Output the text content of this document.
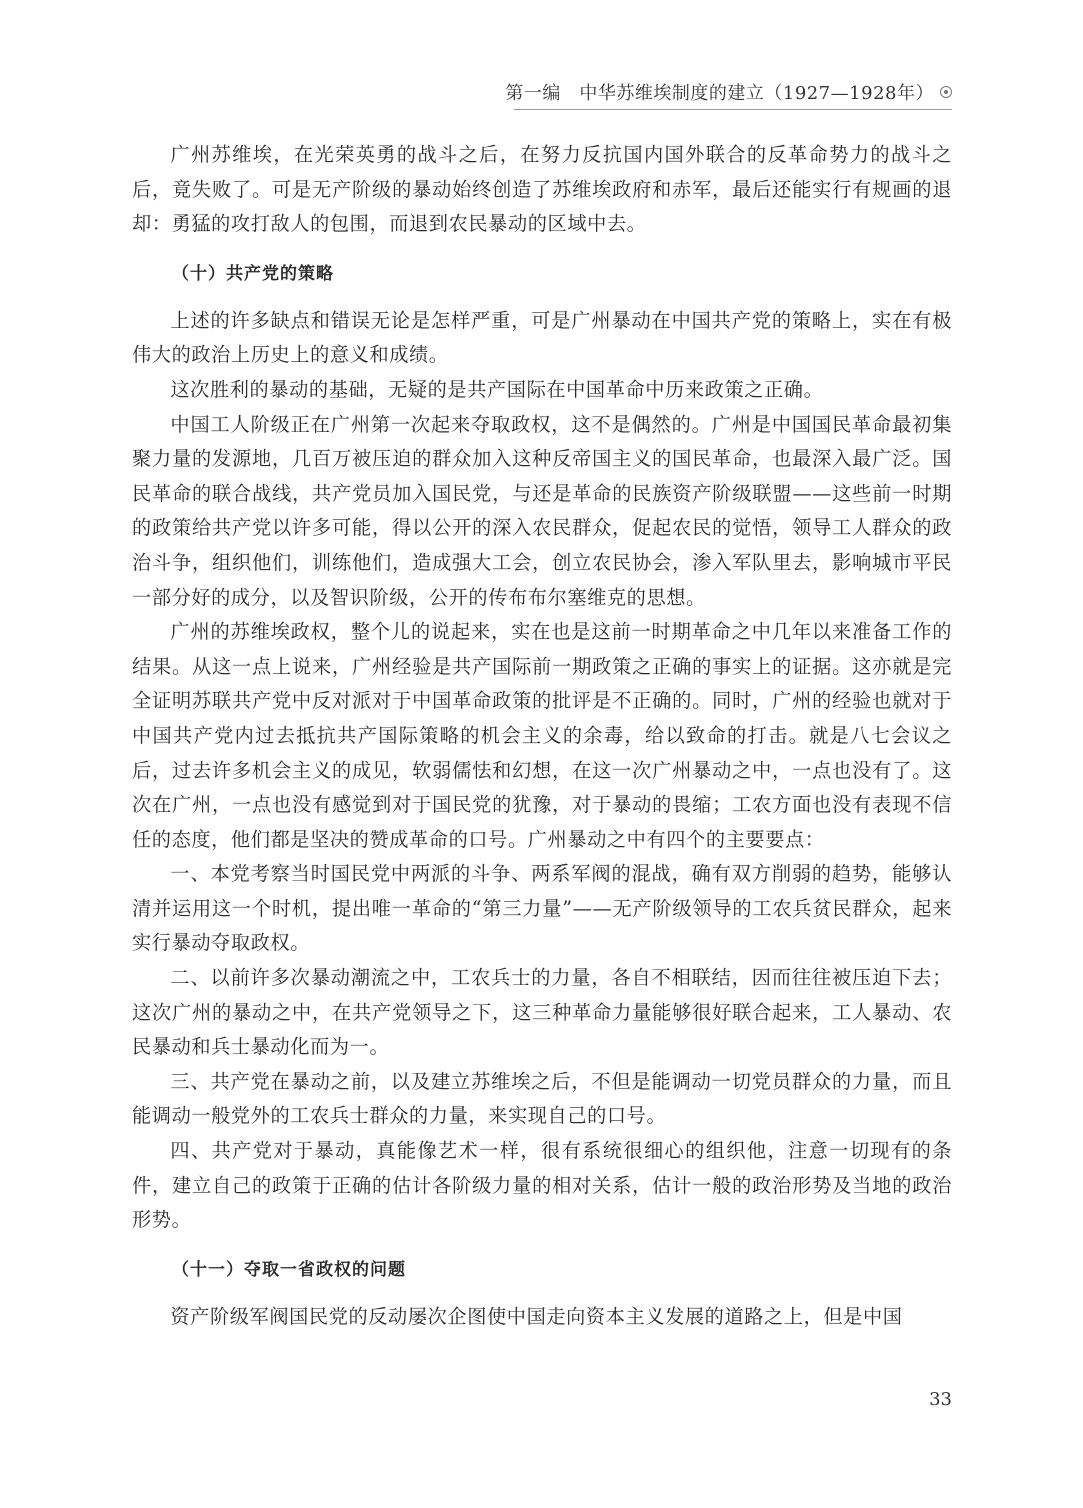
第一编　中华苏维埃制度的建立（1927—1928年）

广州苏维埃，在光荣英勇的战斗之后，在努力反抗国内国外联合的反革命势力的战斗之后，竟失败了。可是无产阶级的暴动始终创造了苏维埃政府和赤军，最后还能实行有规画的退却：勇猛的攻打敌人的包围，而退到农民暴动的区域中去。

（十）共产党的策略

上述的许多缺点和错误无论是怎样严重，可是广州暴动在中国共产党的策略上，实在有极伟大的政治上历史上的意义和成绩。

这次胜利的暴动的基础，无疑的是共产国际在中国革命中历来政策之正确。

中国工人阶级正在广州第一次起来夺取政权，这不是偶然的。广州是中国国民革命最初集聚力量的发源地，几百万被压迫的群众加入这种反帝国主义的国民革命，也最深入最广泛。国民革命的联合战线，共产党员加入国民党，与还是革命的民族资产阶级联盟——这些前一时期的政策给共产党以许多可能，得以公开的深入农民群众，促起农民的觉悟，领导工人群众的政治斗争，组织他们，训练他们，造成强大工会，创立农民协会，渗入军队里去，影响城市平民一部分好的成分，以及智识阶级，公开的传布布尔塞维克的思想。

广州的苏维埃政权，整个儿的说起来，实在也是这前一时期革命之中几年以来准备工作的结果。从这一点上说来，广州经验是共产国际前一期政策之正确的事实上的证据。这亦就是完全证明苏联共产党中反对派对于中国革命政策的批评是不正确的。同时，广州的经验也就对于中国共产党内过去抵抗共产国际策略的机会主义的余毒，给以致命的打击。就是八七会议之后，过去许多机会主义的成见，软弱儒怯和幻想，在这一次广州暴动之中，一点也没有了。这次在广州，一点也没有感觉到对于国民党的犹豫，对于暴动的畏缩；工农方面也没有表现不信任的态度，他们都是坚决的赞成革命的口号。广州暴动之中有四个的主要要点：

一、本党考察当时国民党中两派的斗争、两系军阀的混战，确有双方削弱的趋势，能够认清并运用这一个时机，提出唯一革命的“第三力量”——无产阶级领导的工农兵贫民群众，起来实行暴动夺取政权。

二、以前许多次暴动潮流之中，工农兵士的力量，各自不相联结，因而往往被压迫下去；这次广州的暴动之中，在共产党领导之下，这三种革命力量能够很好联合起来，工人暴动、农民暴动和兵士暴动化而为一。

三、共产党在暴动之前，以及建立苏维埃之后，不但是能调动一切党员群众的力量，而且能调动一般党外的工农兵士群众的力量，来实现自己的口号。

四、共产党对于暴动，真能像艺术一样，很有系统很细心的组织他，注意一切现有的条件，建立自己的政策于正确的估计各阶级力量的相对关系，估计一般的政治形势及当地的政治形势。

（十一）夺取一省政权的问题

资产阶级军阀国民党的反动屡次企图使中国走向资本主义发展的道路之上，但是中国

33
